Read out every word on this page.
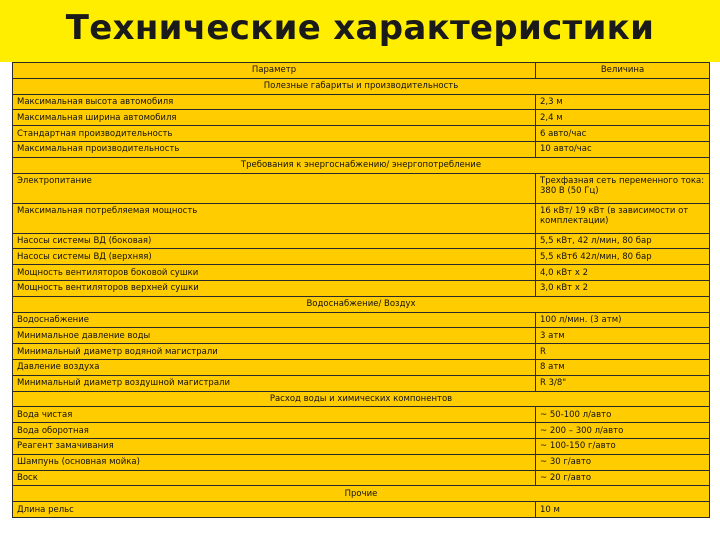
Технические характеристики
Параметр	Величина
Полезные габариты и производительность	
Максимальная высота автомобиля	2,3 м
Максимальная ширина автомобиля	2,4 м
Стандартная производительность	6 авто/час
Максимальная производительность	10 авто/час
Требования к энергоснабжению/ энергопотребление	
Электропитание	Трехфазная сеть переменного тока: 380 В (50 Гц)
Максимальная потребляемая мощность	16 кВт/ 19 кВт (в зависимости от комплектации)
Насосы системы ВД (боковая)	5,5 кВт, 42 л/мин, 80 бар
Насосы системы ВД (верхняя)	5,5 кВт6 42л/мин, 80 бар
Мощность вентиляторов боковой сушки	4,0 кВт x 2
Мощность вентиляторов верхней сушки	3,0 кВт x 2
Водоснабжение/ Воздух	
Водоснабжение	100 л/мин. (3 атм)
Минимальное давление воды	3 атм
Минимальный диаметр водяной магистрали	R
Давление воздуха	8 атм
Минимальный диаметр воздушной магистрали	R 3/8"
Расход воды и химических компонентов	
Вода чистая	~ 50-100 л/авто
Вода оборотная	~ 200 – 300 л/авто
Реагент замачивания	~ 100-150 г/авто
Шампунь (основная мойка)	~ 30 г/авто
Воск	~ 20 г/авто
Прочие	
Длина рельс	10 м
